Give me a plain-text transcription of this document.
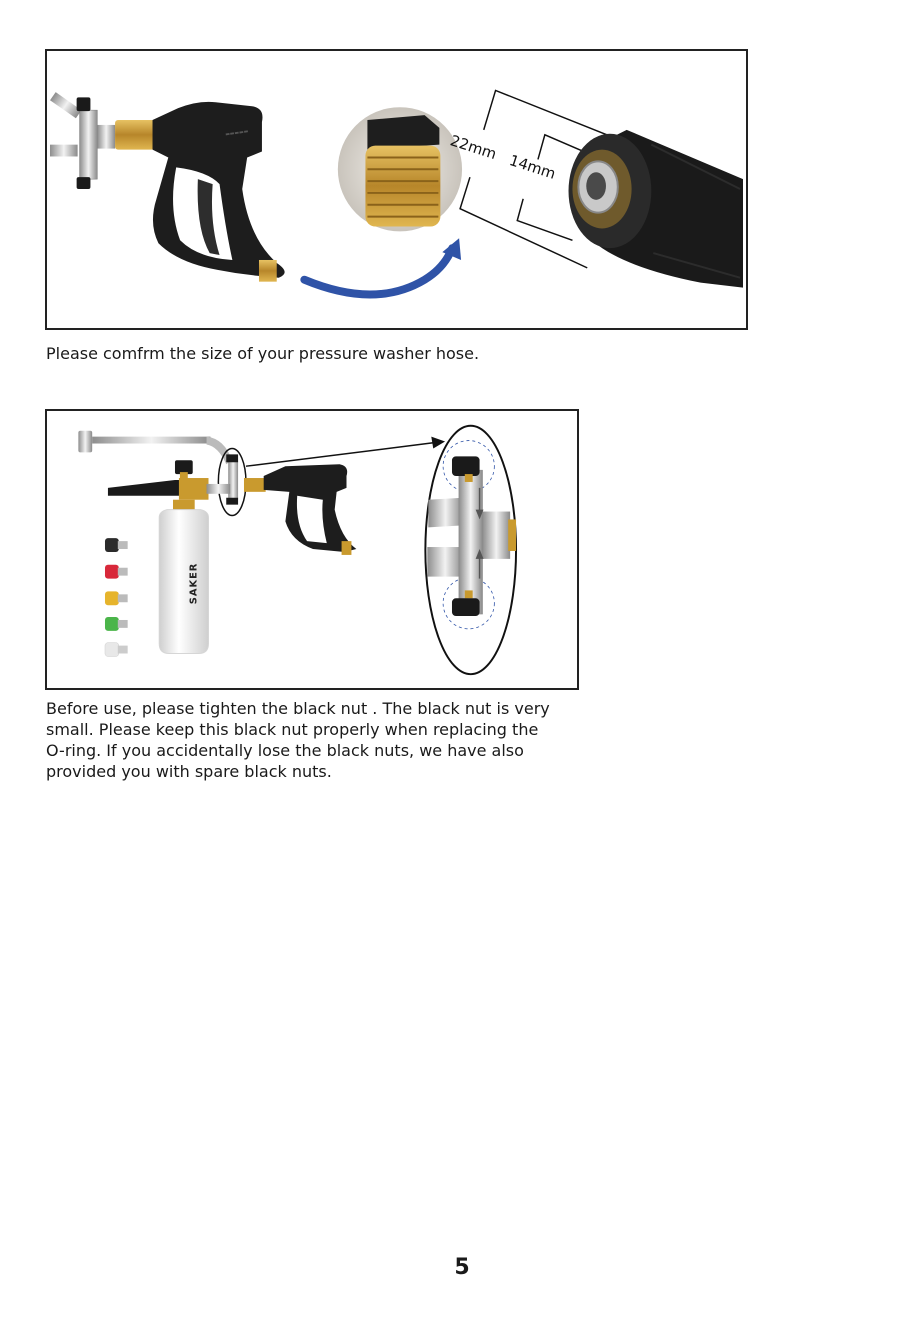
▬▬▬▬▬	22mm
14mm

Please comfrm the size of your pressure washer hose.

SAKER
Before use, please tighten the black nut . The black nut is very
small. Please keep this black nut properly when replacing the
O-ring. If you accidentally lose the black nuts, we have also
provided you with spare black nuts.
5
